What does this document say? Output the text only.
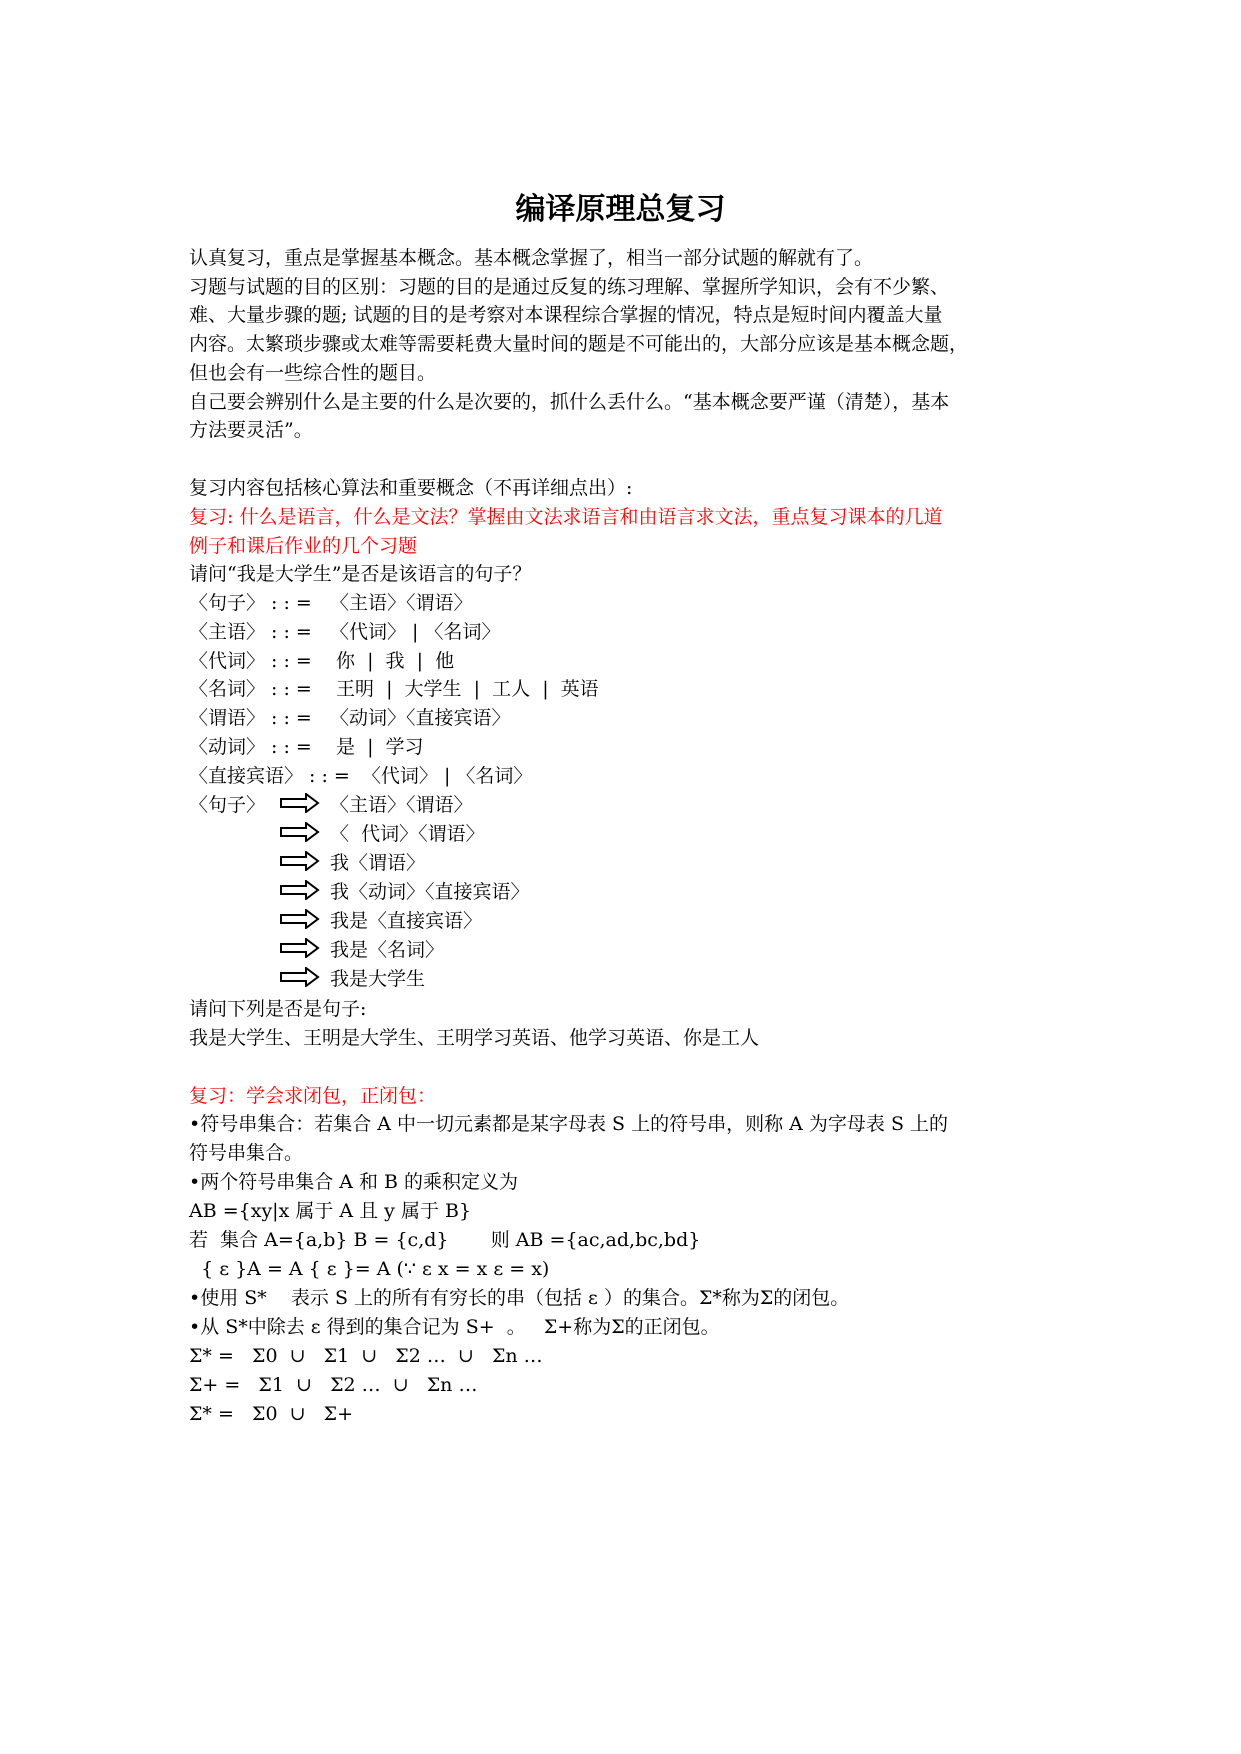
编译原理总复习

认真复习，重点是掌握基本概念。基本概念掌握了，相当一部分试题的解就有了。

习题与试题的目的区别：习题的目的是通过反复的练习理解、掌握所学知识，会有不少繁、

难、大量步骤的题; 试题的目的是考察对本课程综合掌握的情况，特点是短时间内覆盖大量

内容。太繁琐步骤或太难等需要耗费大量时间的题是不可能出的，大部分应该是基本概念题，

但也会有一些综合性的题目。

自己要会辨别什么是主要的什么是次要的，抓什么丢什么。“基本概念要严谨（清楚），基本

方法要灵活”。

复习内容包括核心算法和重要概念（不再详细点出）:

复习: 什么是语言，什么是文法？掌握由文法求语言和由语言求文法，重点复习课本的几道

例子和课后作业的几个习题

请问“我是大学生”是否是该语言的句子？

〈句子〉 : : =   〈主语〉〈谓语〉

〈主语〉 : : =   〈代词〉 | 〈名词〉

〈代词〉 : : =    你  |  我  |  他

〈名词〉 : : =    王明  |  大学生  |  工人  |  英语

〈谓语〉 : : =   〈动词〉〈直接宾语〉

〈动词〉 : : =    是  |  学习

〈直接宾语〉 : : =  〈代词〉 | 〈名词〉

〈句子〉	〈主语〉〈谓语〉

〈  代词〉〈谓语〉

我〈谓语〉

我〈动词〉〈直接宾语〉

我是〈直接宾语〉

我是〈名词〉

我是大学生

请问下列是否是句子:

我是大学生、王明是大学生、王明学习英语、他学习英语、你是工人

复习：学会求闭包，正闭包：

•符号串集合：若集合 A 中一切元素都是某字母表 S 上的符号串，则称 A 为字母表 S 上的

符号串集合。

•两个符号串集合 A 和 B 的乘积定义为

AB ={xy|x 属于 A 且 y 属于 B}

若  集合 A={a,b} B = {c,d}       则 AB ={ac,ad,bc,bd}

{ ε }A = A { ε }= A (∵ ε x = x ε = x)

•使用 S*    表示 S 上的所有有穷长的串（包括 ε ）的集合。Σ*称为Σ的闭包。

•从 S*中除去 ε 得到的集合记为 S+  。   Σ+称为Σ的正闭包。

Σ* =   Σ0  ∪   Σ1  ∪   Σ2 …  ∪   Σn …

Σ+ =   Σ1  ∪   Σ2 …  ∪   Σn …

Σ* =   Σ0  ∪   Σ+
